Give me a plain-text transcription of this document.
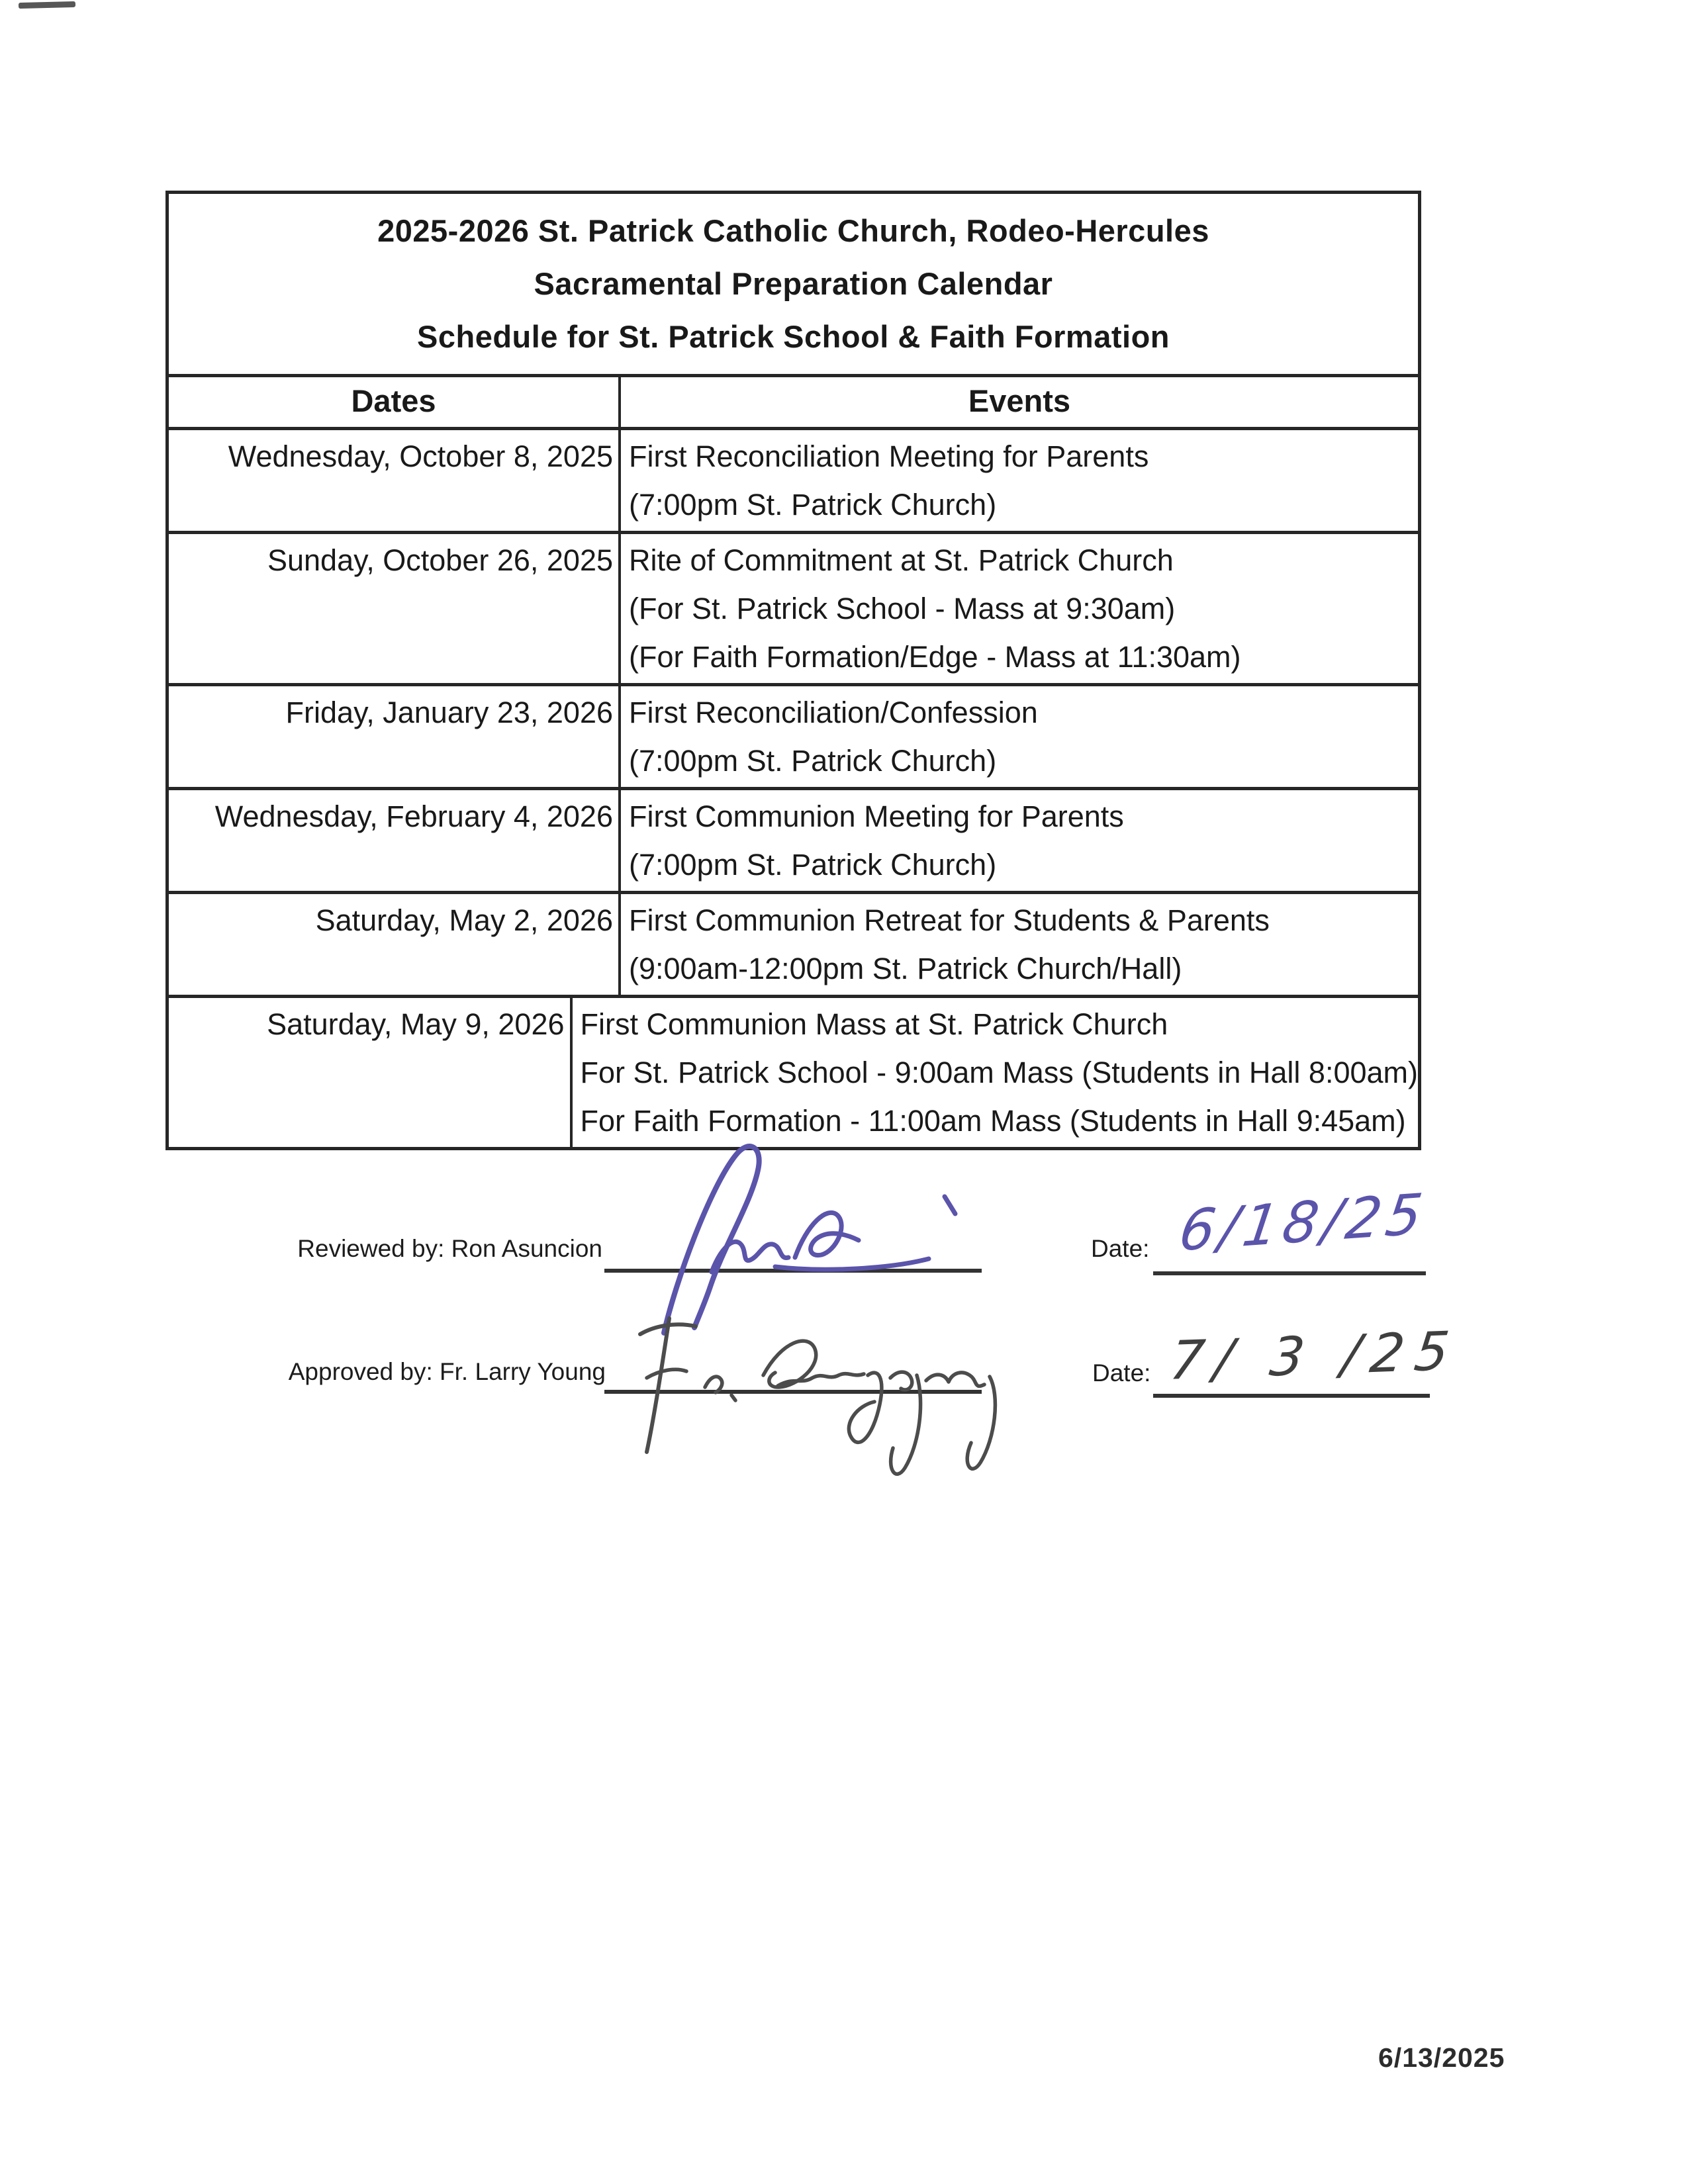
2025-2026 St. Patrick Catholic Church, Rodeo-Hercules
Sacramental Preparation Calendar
Schedule for St. Patrick School & Faith Formation
Dates	Events
Wednesday, October 8, 2025 First Reconciliation Meeting for Parents
(7:00pm St. Patrick Church)
Sunday, October 26, 2025 Rite of Commitment at St. Patrick Church
(For St. Patrick School - Mass at 9:30am)
(For Faith Formation/Edge - Mass at 11:30am)
Friday, January 23, 2026 First Reconciliation/Confession
(7:00pm St. Patrick Church)
Wednesday, February 4, 2026 First Communion Meeting for Parents
(7:00pm St. Patrick Church)
Saturday, May 2, 2026 First Communion Retreat for Students & Parents
(9:00am-12:00pm St. Patrick Church/Hall)
Saturday, May 9, 2026 First Communion Mass at St. Patrick Church
For St. Patrick School - 9:00am Mass (Students in Hall 8:00am)
For Faith Formation - 11:00am Mass (Students in Hall 9:45am)
Reviewed by: Ron Asuncion	Date: 6/18/25
Approved by: Fr. Larry Young	Date: 7/ 3 /25
6/13/2025
